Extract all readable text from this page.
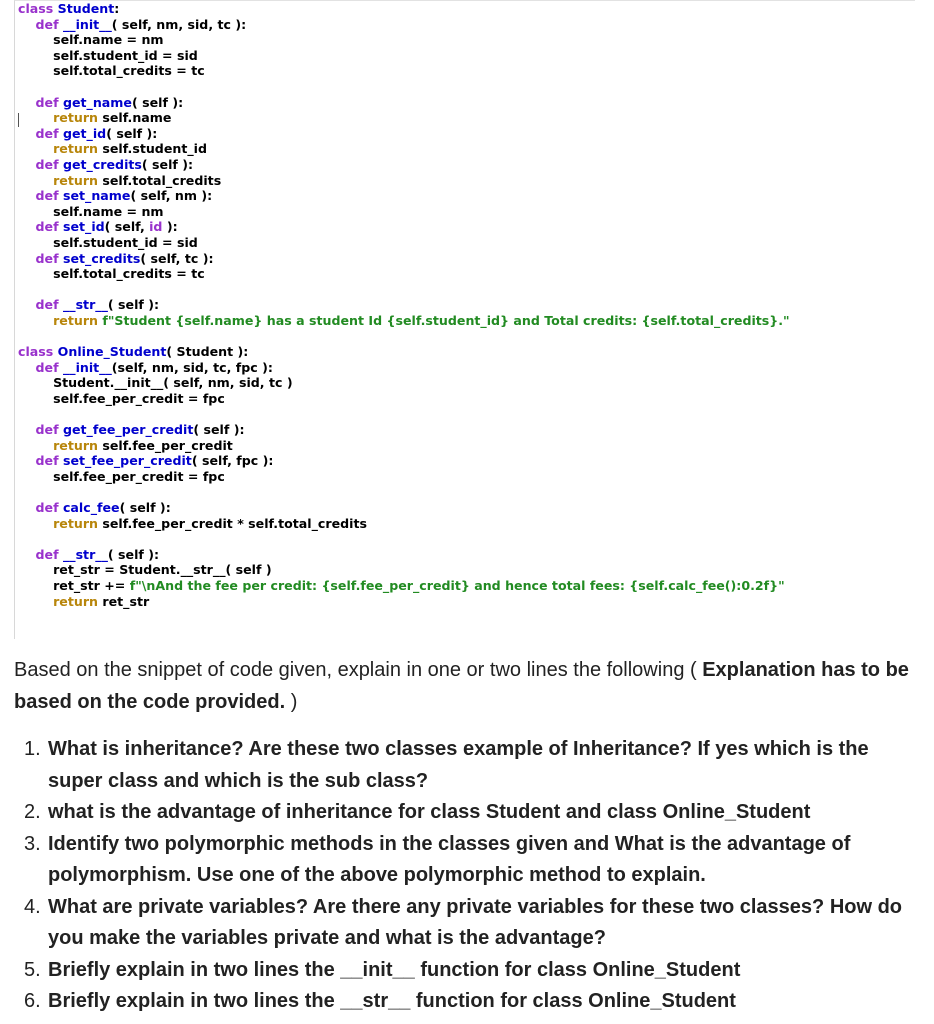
class Student:
def __init__( self, nm, sid, tc ):
self.name = nm
self.student_id = sid
self.total_credits = tc

def get_name( self ):
return self.name
def get_id( self ):
return self.student_id
def get_credits( self ):
return self.total_credits
def set_name( self, nm ):
self.name = nm
def set_id( self, id ):
self.student_id = sid
def set_credits( self, tc ):
self.total_credits = tc

def __str__( self ):
return f"Student {self.name} has a student Id {self.student_id} and Total credits: {self.total_credits}."

class Online_Student( Student ):
def __init__(self, nm, sid, tc, fpc ):
Student.__init__( self, nm, sid, tc )
self.fee_per_credit = fpc

def get_fee_per_credit( self ):
return self.fee_per_credit
def set_fee_per_credit( self, fpc ):
self.fee_per_credit = fpc

def calc_fee( self ):
return self.fee_per_credit * self.total_credits

def __str__( self ):
ret_str = Student.__str__( self )
ret_str += f"\nAnd the fee per credit: {self.fee_per_credit} and hence total fees: {self.calc_fee():0.2f}"
return ret_str

Based on the snippet of code given, explain in one or two lines the following ( Explanation has to be based on the code provided. )

1. What is inheritance? Are these two classes example of Inheritance? If yes which is the super class and which is the sub class?
2. what is the advantage of inheritance for class Student and class Online_Student
3. Identify two polymorphic methods in the classes given and What is the advantage of polymorphism. Use one of the above polymorphic method to explain.
4. What are private variables? Are there any private variables for these two classes? How do you make the variables private and what is the advantage?
5. Briefly explain in two lines the __init__ function for class Online_Student
6. Briefly explain in two lines the __str__ function for class Online_Student
